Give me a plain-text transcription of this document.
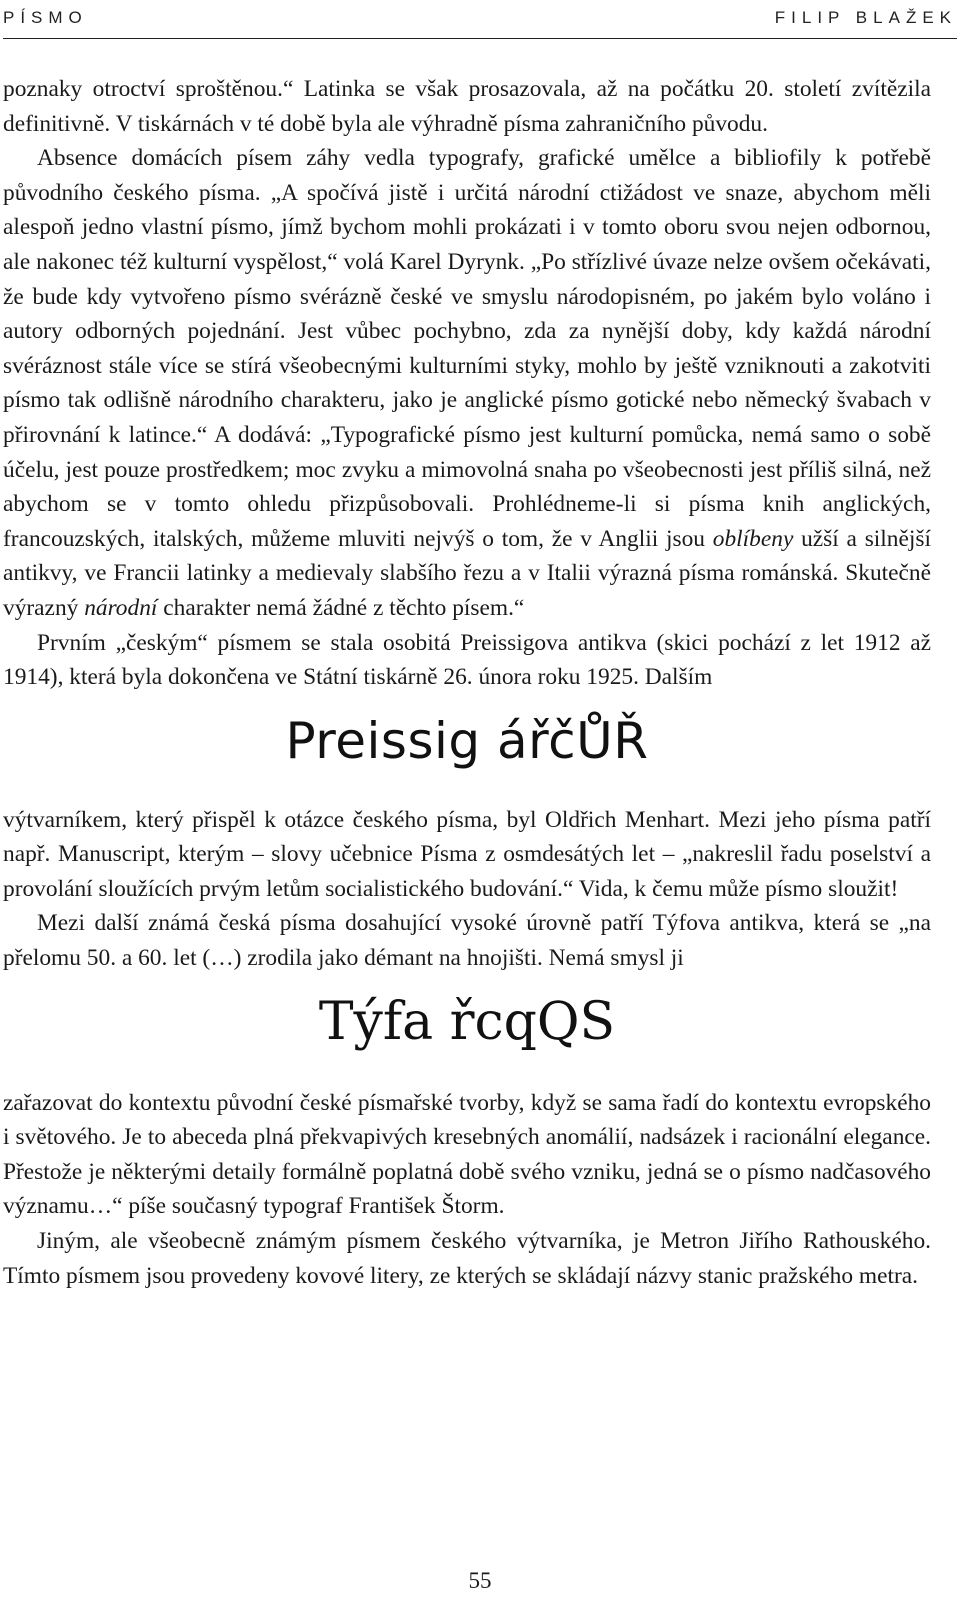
PÍSMO	FILIP BLAŽEK

poznaky otroctví sproštěnou.“ Latinka se však prosazovala, až na počátku 20. století zvítězila definitivně. V tiskárnách v té době byla ale výhradně písma zahraničního původu.

Absence domácích písem záhy vedla typografy, grafické umělce a bibliofily k potřebě původního českého písma. „A spočívá jistě i určitá národní ctižádost ve snaze, abychom měli alespoň jedno vlastní písmo, jímž bychom mohli prokázati i v tomto oboru svou nejen odbornou, ale nakonec též kulturní vyspělost,“ volá Karel Dyrynk. „Po střízlivé úvaze nelze ovšem očekávati, že bude kdy vytvořeno písmo svérázně české ve smyslu národopisném, po jakém bylo voláno i autory odborných pojednání. Jest vůbec pochybno, zda za nynější doby, kdy každá národní svéráznost stále více se stírá všeobecnými kulturními styky, mohlo by ještě vzniknouti a zakotviti písmo tak odlišně národního charakteru, jako je anglické písmo gotické nebo německý švabach v přirovnání k latince.“ A dodává: „Typografické písmo jest kulturní pomůcka, nemá samo o sobě účelu, jest pouze prostředkem; moc zvyku a mimovolná snaha po všeobecnosti jest příliš silná, než abychom se v tomto ohledu přizpůsobovali. Prohlédneme-li si písma knih anglických, francouzských, italských, můžeme mluviti nejvýš o tom, že v Anglii jsou oblíbeny užší a silnější antikvy, ve Francii latinky a medievaly slabšího řezu a v Italii výrazná písma románská. Skutečně výrazný národní charakter nemá žádné z těchto písem.“

Prvním „českým“ písmem se stala osobitá Preissigova antikva (skici pochází z let 1912 až 1914), která byla dokončena ve Státní tiskárně 26. února roku 1925. Dalším

Preissig ářčŮŘ

výtvarníkem, který přispěl k otázce českého písma, byl Oldřich Menhart. Mezi jeho písma patří např. Manuscript, kterým – slovy učebnice Písma z osmdesátých let – „nakreslil řadu poselství a provolání sloužících prvým letům socialistického budování.“ Vida, k čemu může písmo sloužit!

Mezi další známá česká písma dosahující vysoké úrovně patří Týfova antikva, která se „na přelomu 50. a 60. let (…) zrodila jako démant na hnojišti. Nemá smysl ji

Týfa řcqQS

zařazovat do kontextu původní české písmařské tvorby, když se sama řadí do kontextu evropského i světového. Je to abeceda plná překvapivých kresebných anomálií, nadsázek i racionální elegance. Přestože je některými detaily formálně poplatná době svého vzniku, jedná se o písmo nadčasového významu…“ píše současný typograf František Štorm.

Jiným, ale všeobecně známým písmem českého výtvarníka, je Metron Jiřího Rathouského. Tímto písmem jsou provedeny kovové litery, ze kterých se skládají názvy stanic pražského metra.

55
